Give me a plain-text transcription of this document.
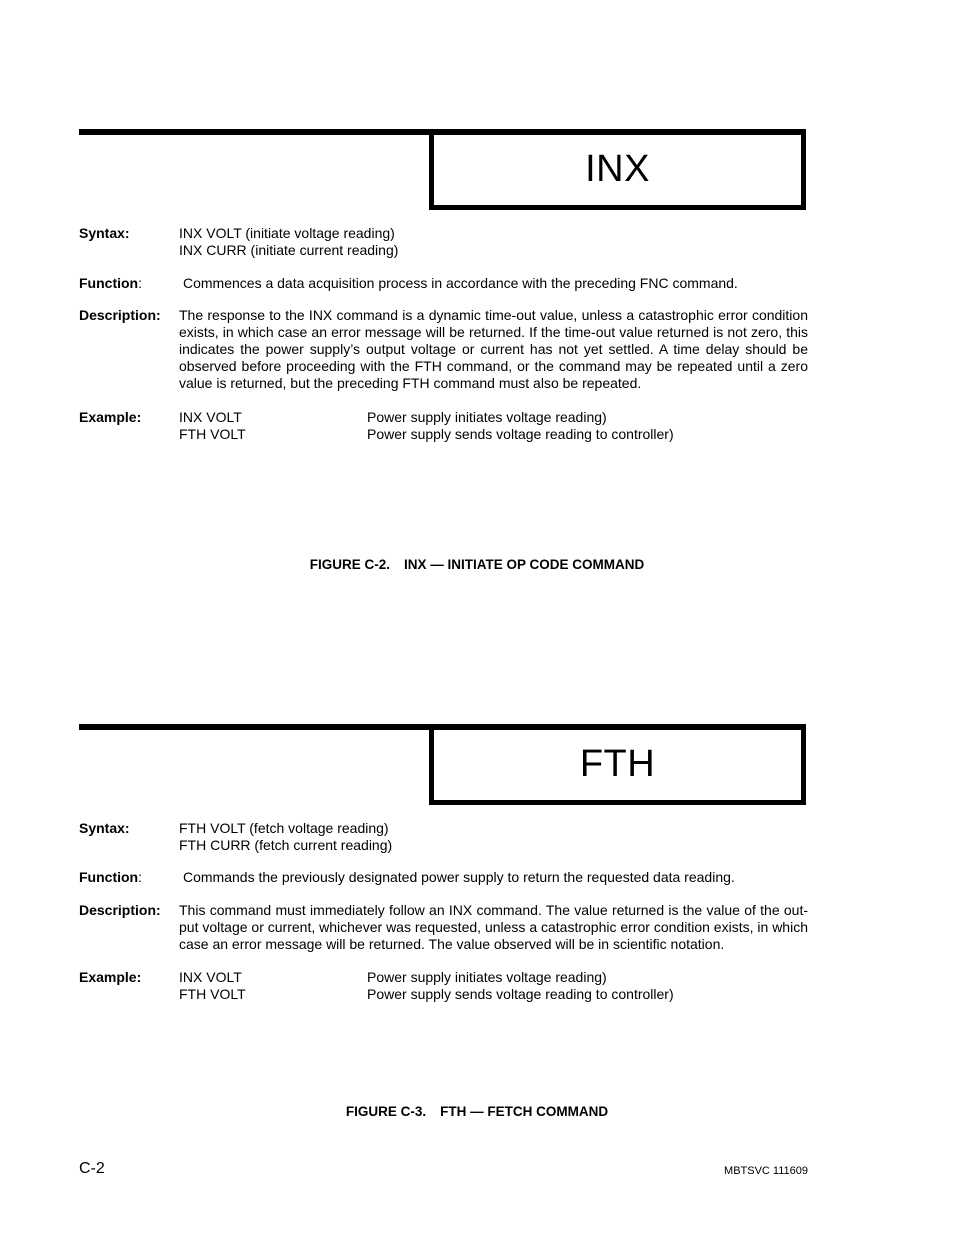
INX
Syntax:	INX VOLT (initiate voltage reading)
INX CURR (initiate current reading)
Function:	Commences a data acquisition process in accordance with the preceding FNC command.
Description: The response to the INX command is a dynamic time-out value, unless a catastrophic error condition exists, in which case an error message will be returned. If the time-out value returned is not zero, this indicates the power supply’s output voltage or current has not yet settled. A time delay should be observed before proceeding with the FTH command, or the command may be repeated until a zero value is returned, but the preceding FTH command must also be repeated.
Example:	INX VOLT	Power supply initiates voltage reading)
FTH VOLT	Power supply sends voltage reading to controller)
FIGURE C-2. INX — INITIATE OP CODE COMMAND
FTH
Syntax:	FTH VOLT (fetch voltage reading)
FTH CURR (fetch current reading)
Function:	Commands the previously designated power supply to return the requested data reading.
Description: This command must immediately follow an INX command. The value returned is the value of the out-put voltage or current, whichever was requested, unless a catastrophic error condition exists, in which case an error message will be returned. The value observed will be in scientific notation.
Example:	INX VOLT	Power supply initiates voltage reading)
FTH VOLT	Power supply sends voltage reading to controller)
FIGURE C-3. FTH — FETCH COMMAND
C-2	MBTSVC 111609
